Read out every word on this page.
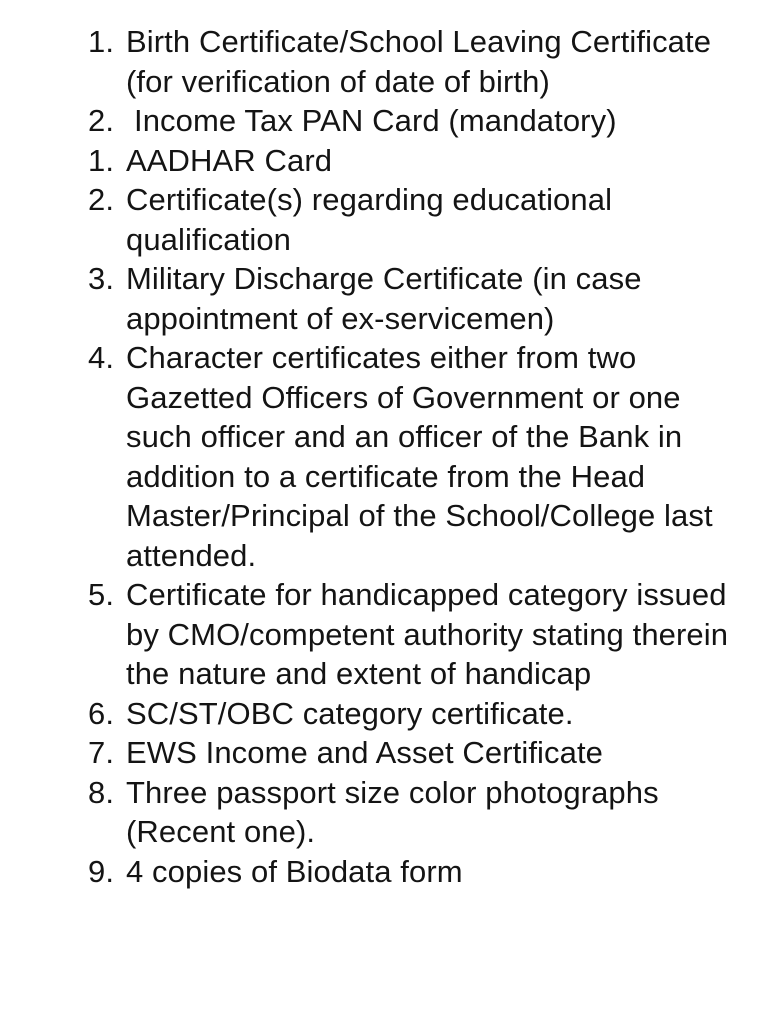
1. Birth Certificate/School Leaving Certificate (for verification of date of birth)
2. Income Tax PAN Card (mandatory)
1. AADHAR Card
2. Certificate(s) regarding educational qualification
3. Military Discharge Certificate (in case appointment of ex-servicemen)
4. Character certificates either from two Gazetted Officers of Government or one such officer and an officer of the Bank in addition to a certificate from the Head Master/Principal of the School/College last attended.
5. Certificate for handicapped category issued by CMO/competent authority stating therein the nature and extent of handicap
6. SC/ST/OBC category certificate.
7. EWS Income and Asset Certificate
8. Three passport size color photographs (Recent one).
9. 4 copies of Biodata form
